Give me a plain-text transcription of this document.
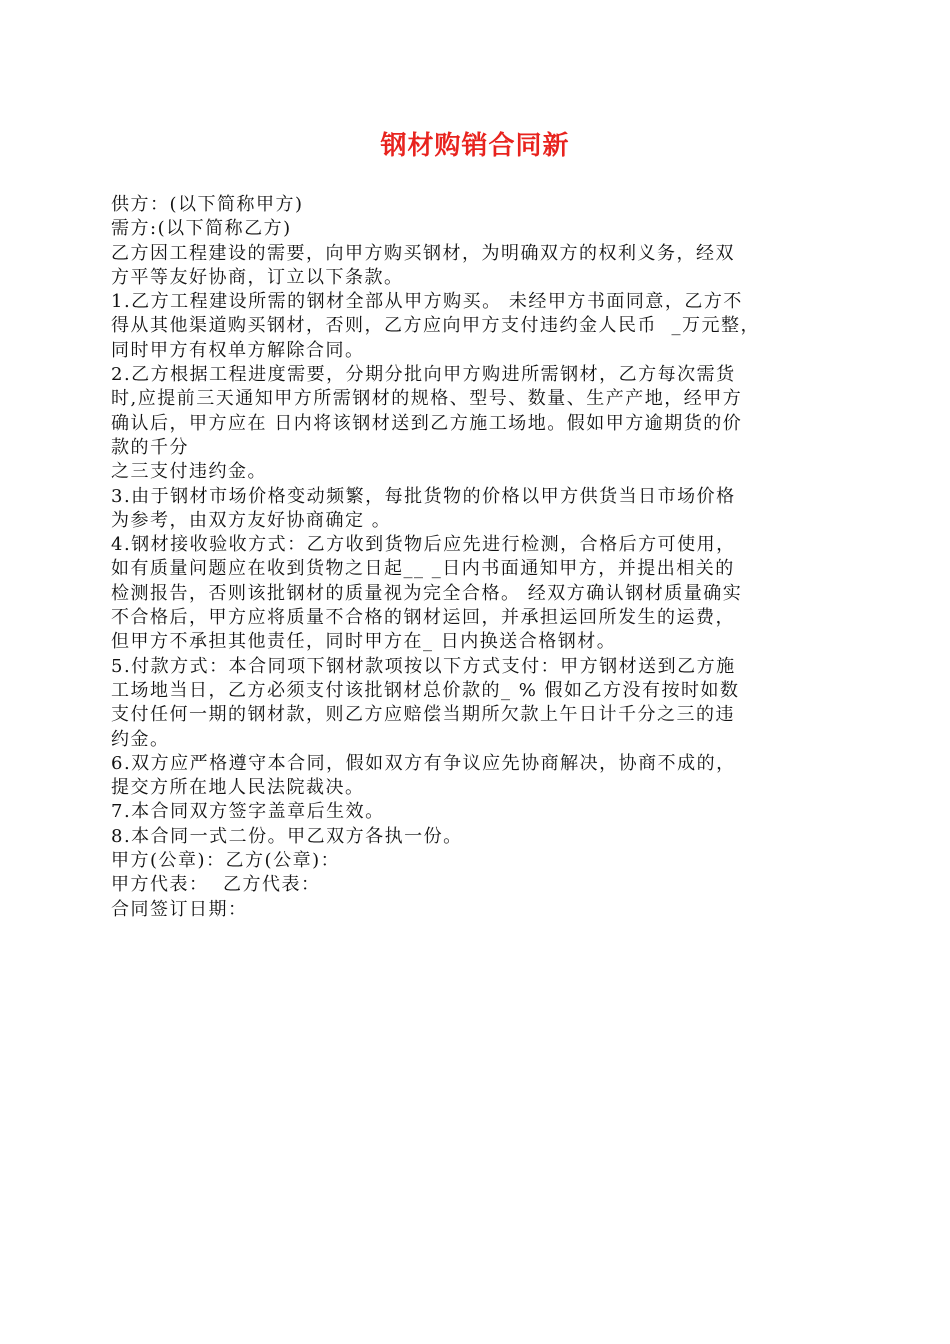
钢材购销合同新
供方：(以下简称甲方)
需方:(以下简称乙方)
乙方因工程建设的需要，向甲方购买钢材，为明确双方的权利义务，经双
方平等友好协商，订立以下条款。
1.乙方工程建设所需的钢材全部从甲方购买。 未经甲方书面同意，乙方不
得从其他渠道购买钢材，否则，乙方应向甲方支付违约金人民币  _万元整，
同时甲方有权单方解除合同。
2.乙方根据工程进度需要，分期分批向甲方购进所需钢材，乙方每次需货
时,应提前三天通知甲方所需钢材的规格、型号、数量、生产产地，经甲方
确认后，甲方应在 日内将该钢材送到乙方施工场地。假如甲方逾期货的价
款的千分
之三支付违约金。
3.由于钢材市场价格变动频繁，每批货物的价格以甲方供货当日市场价格
为参考，由双方友好协商确定 。
4.钢材接收验收方式：乙方收到货物后应先进行检测，合格后方可使用，
如有质量问题应在收到货物之日起__ _日内书面通知甲方，并提出相关的
检测报告，否则该批钢材的质量视为完全合格。 经双方确认钢材质量确实
不合格后，甲方应将质量不合格的钢材运回，并承担运回所发生的运费，
但甲方不承担其他责任，同时甲方在_ 日内换送合格钢材。
5.付款方式：本合同项下钢材款项按以下方式支付：甲方钢材送到乙方施
工场地当日，乙方必须支付该批钢材总价款的_ % 假如乙方没有按时如数
支付任何一期的钢材款，则乙方应赔偿当期所欠款上午日计千分之三的违
约金。
6.双方应严格遵守本合同，假如双方有争议应先协商解决，协商不成的，
提交方所在地人民法院裁决。
7.本合同双方签字盖章后生效。
8.本合同一式二份。甲乙双方各执一份。
甲方(公章)：乙方(公章)：
甲方代表：  乙方代表：
合同签订日期：
